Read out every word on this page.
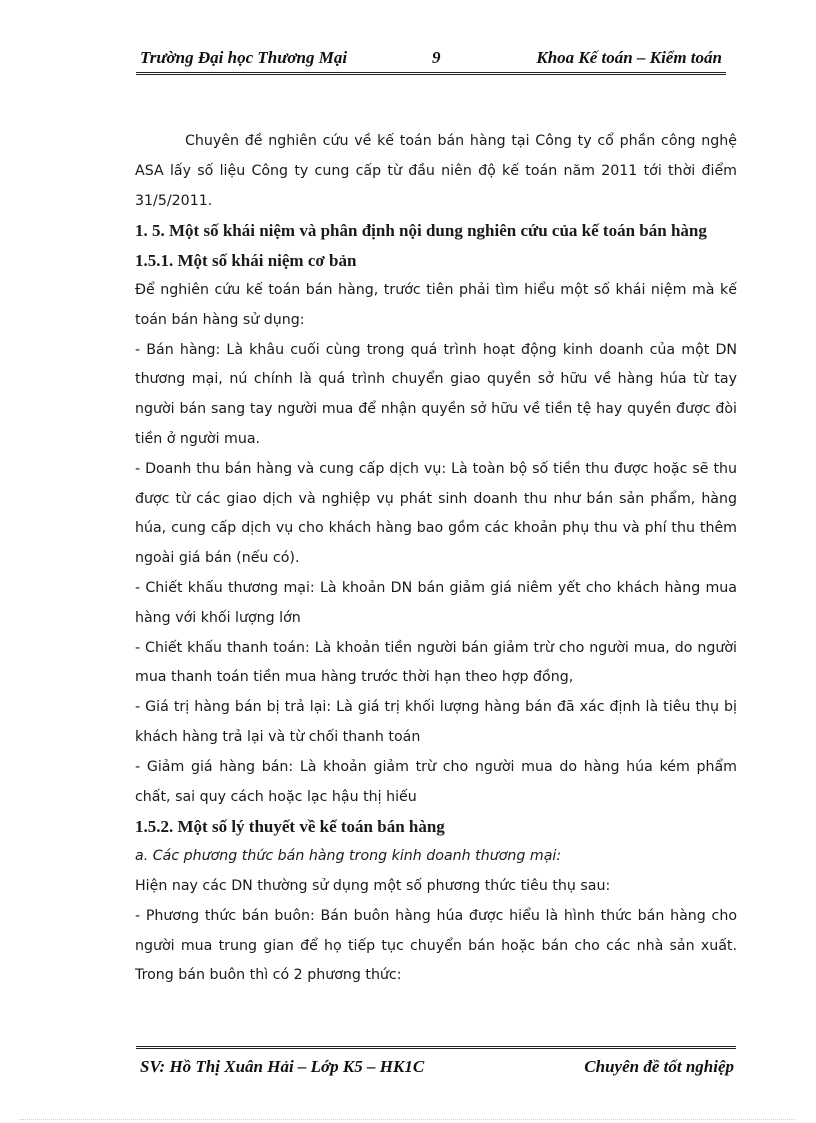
Trường Đại học Thương Mại	9	Khoa Kế toán – Kiểm toán

Chuyên đề nghiên cứu về kế toán bán hàng tại Công ty cổ phần công nghệ ASA lấy số liệu Công ty cung cấp từ đầu niên độ kế toán năm 2011 tới thời điểm 31/5/2011.

1. 5. Một số khái niệm và phân định nội dung nghiên cứu của kế toán bán hàng

1.5.1. Một số khái niệm cơ bản

Để nghiên cứu kế toán bán hàng, trước tiên phải tìm hiểu một số khái niệm mà kế toán bán hàng sử dụng:

- Bán hàng: Là khâu cuối cùng trong quá trình hoạt động kinh doanh của một DN thương mại, nú chính là quá trình chuyển giao quyền sở hữu về hàng húa từ tay người bán sang tay người mua để nhận quyền sở hữu về tiền tệ hay quyền được đòi tiền ở người mua.

- Doanh thu bán hàng và cung cấp dịch vụ: Là toàn bộ số tiền thu được hoặc sẽ thu được từ các giao dịch và nghiệp vụ phát sinh doanh thu như bán sản phẩm, hàng húa, cung cấp dịch vụ cho khách hàng bao gồm các khoản phụ thu và phí thu thêm ngoài giá bán (nếu có).

- Chiết khấu thương mại: Là khoản DN bán giảm giá niêm yết cho khách hàng mua hàng với khối lượng lớn

- Chiết khấu thanh toán: Là khoản tiền người bán giảm trừ cho người mua, do người mua thanh toán tiền mua hàng trước thời hạn theo hợp đồng,

- Giá trị hàng bán bị trả lại: Là giá trị khối lượng hàng bán đã xác định là tiêu thụ bị khách hàng trả lại và từ chối thanh toán

- Giảm giá hàng bán: Là khoản giảm trừ cho người mua do hàng húa kém phẩm chất, sai quy cách hoặc lạc hậu thị hiếu

1.5.2. Một số lý thuyết về kế toán bán hàng

a. Các phương thức bán hàng trong kinh doanh thương mại:

Hiện nay các DN thường sử dụng một số phương thức tiêu thụ sau:

- Phương thức bán buôn: Bán buôn hàng húa được hiểu là hình thức bán hàng cho người mua trung gian để họ tiếp tục chuyển bán hoặc bán cho các nhà sản xuất. Trong bán buôn thì có 2 phương thức:

SV: Hồ Thị Xuân Hải – Lớp K5 – HK1C	Chuyên đề tốt nghiệp
